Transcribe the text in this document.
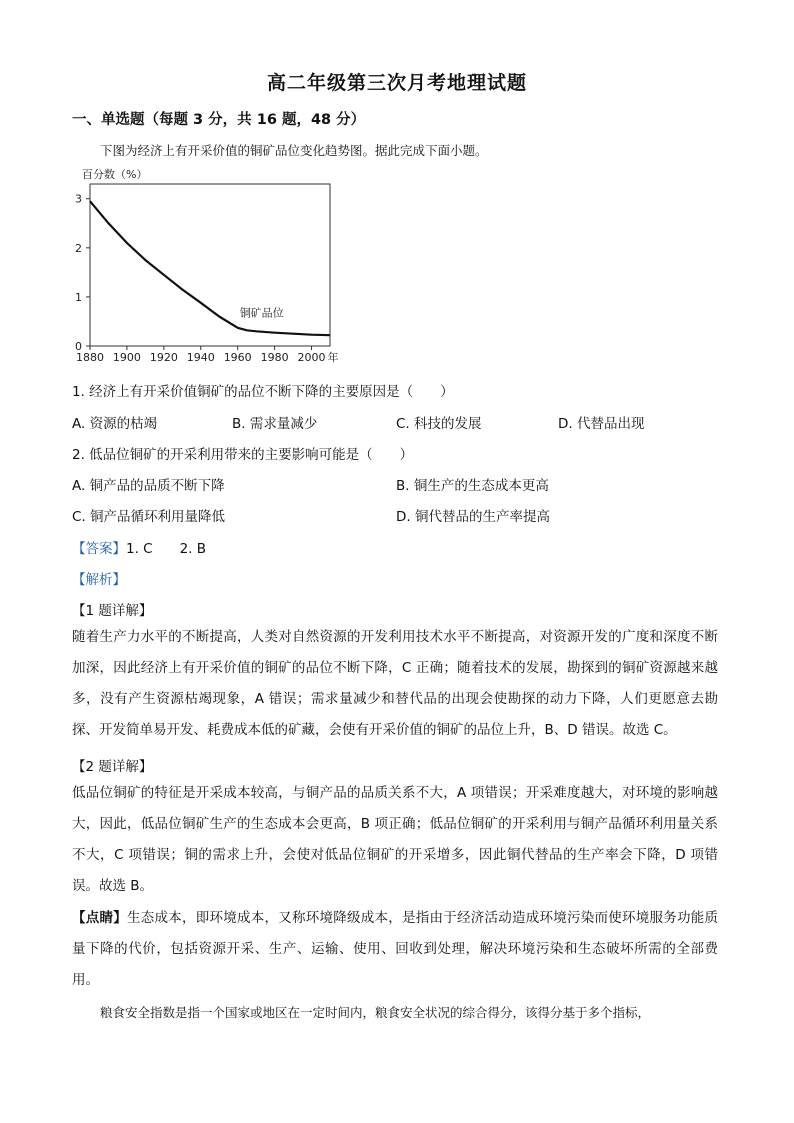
高二年级第三次月考地理试题
一、单选题（每题 3 分，共 16 题，48 分）
下图为经济上有开采价值的铜矿品位变化趋势图。据此完成下面小题。
百分数（%）
0
1
2
3
1880 1900 1920 1940 1960 1980 2000 年
铜矿品位
1. 经济上有开采价值铜矿的品位不断下降的主要原因是（　　）
A. 资源的枯竭	B. 需求量减少	C. 科技的发展	D. 代替品出现
2. 低品位铜矿的开采利用带来的主要影响可能是（　　）
A. 铜产品的品质不断下降	B. 铜生产的生态成本更高
C. 铜产品循环利用量降低	D. 铜代替品的生产率提高
【答案】1. C　　2. B
【解析】
【1 题详解】
随着生产力水平的不断提高，人类对自然资源的开发利用技术水平不断提高，对资源开发的广度和深度不断加深，因此经济上有开采价值的铜矿的品位不断下降，C 正确；随着技术的发展，勘探到的铜矿资源越来越多，没有产生资源枯竭现象，A 错误；需求量减少和替代品的出现会使勘探的动力下降，人们更愿意去勘探、开发简单易开发、耗费成本低的矿藏，会使有开采价值的铜矿的品位上升，B、D 错误。故选 C。
【2 题详解】
低品位铜矿的特征是开采成本较高，与铜产品的品质关系不大，A 项错误；开采难度越大，对环境的影响越大，因此，低品位铜矿生产的生态成本会更高，B 项正确；低品位铜矿的开采利用与铜产品循环利用量关系不大，C 项错误；铜的需求上升，会使对低品位铜矿的开采增多，因此铜代替品的生产率会下降，D 项错误。故选 B。
【点睛】生态成本，即环境成本，又称环境降级成本，是指由于经济活动造成环境污染而使环境服务功能质量下降的代价，包括资源开采、生产、运输、使用、回收到处理，解决环境污染和生态破坏所需的全部费用。
粮食安全指数是指一个国家或地区在一定时间内，粮食安全状况的综合得分，该得分基于多个指标，
